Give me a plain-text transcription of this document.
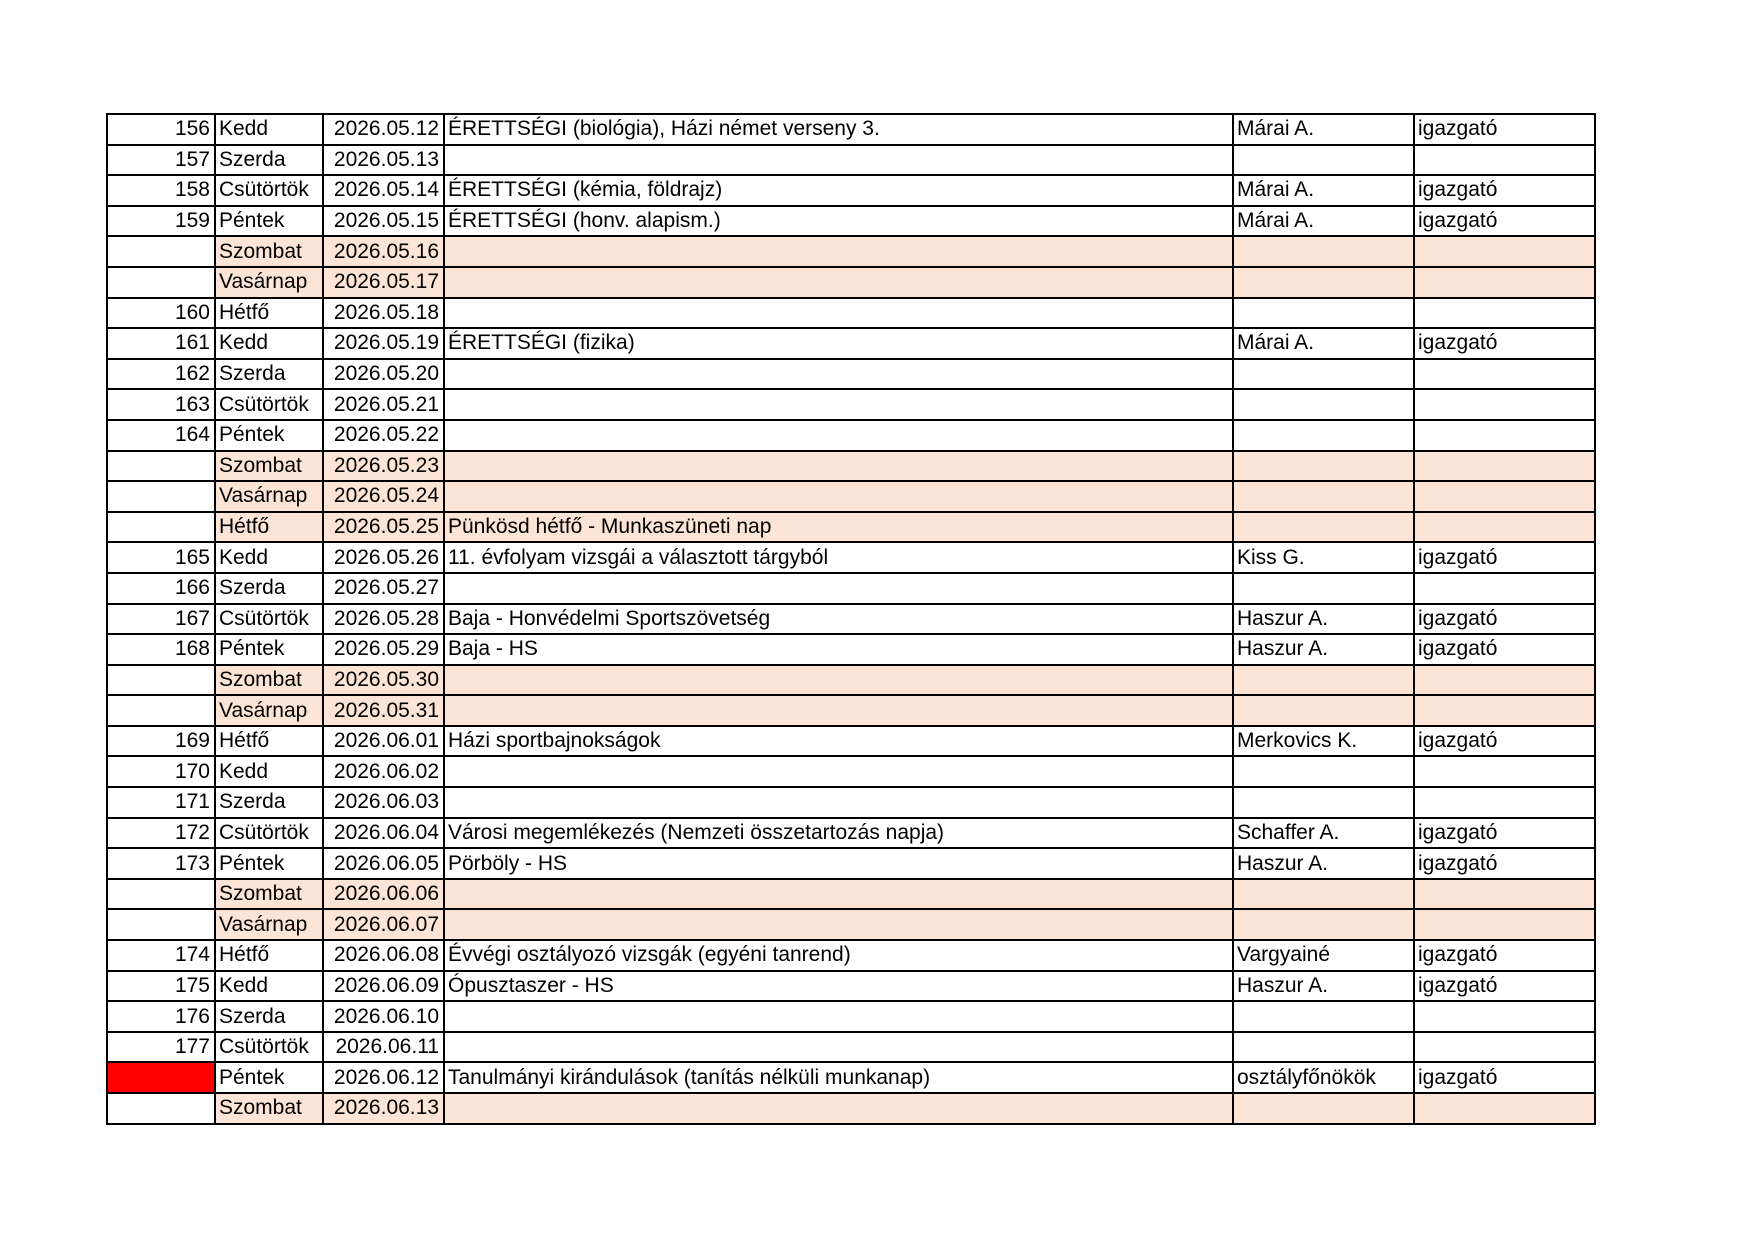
156	Kedd	2026.05.12	ÉRETTSÉGI (biológia), Házi német verseny 3.	Márai A.	igazgató
157	Szerda	2026.05.13			
158	Csütörtök	2026.05.14	ÉRETTSÉGI (kémia, földrajz)	Márai A.	igazgató
159	Péntek	2026.05.15	ÉRETTSÉGI (honv. alapism.)	Márai A.	igazgató
	Szombat	2026.05.16			
	Vasárnap	2026.05.17			
160	Hétfő	2026.05.18			
161	Kedd	2026.05.19	ÉRETTSÉGI (fizika)	Márai A.	igazgató
162	Szerda	2026.05.20			
163	Csütörtök	2026.05.21			
164	Péntek	2026.05.22			
	Szombat	2026.05.23			
	Vasárnap	2026.05.24			
	Hétfő	2026.05.25	Pünkösd hétfő - Munkaszüneti nap		
165	Kedd	2026.05.26	11. évfolyam vizsgái a választott tárgyból	Kiss G.	igazgató
166	Szerda	2026.05.27			
167	Csütörtök	2026.05.28	Baja - Honvédelmi Sportszövetség	Haszur A.	igazgató
168	Péntek	2026.05.29	Baja - HS	Haszur A.	igazgató
	Szombat	2026.05.30			
	Vasárnap	2026.05.31			
169	Hétfő	2026.06.01	Házi sportbajnokságok	Merkovics K.	igazgató
170	Kedd	2026.06.02			
171	Szerda	2026.06.03			
172	Csütörtök	2026.06.04	Városi megemlékezés (Nemzeti összetartozás napja)	Schaffer A.	igazgató
173	Péntek	2026.06.05	Pörböly - HS	Haszur A.	igazgató
	Szombat	2026.06.06			
	Vasárnap	2026.06.07			
174	Hétfő	2026.06.08	Évvégi osztályozó vizsgák (egyéni tanrend)	Vargyainé	igazgató
175	Kedd	2026.06.09	Ópusztaszer - HS	Haszur A.	igazgató
176	Szerda	2026.06.10			
177	Csütörtök	2026.06.11			
	Péntek	2026.06.12	Tanulmányi kirándulások (tanítás nélküli munkanap)	osztályfőnökök	igazgató
	Szombat	2026.06.13			
